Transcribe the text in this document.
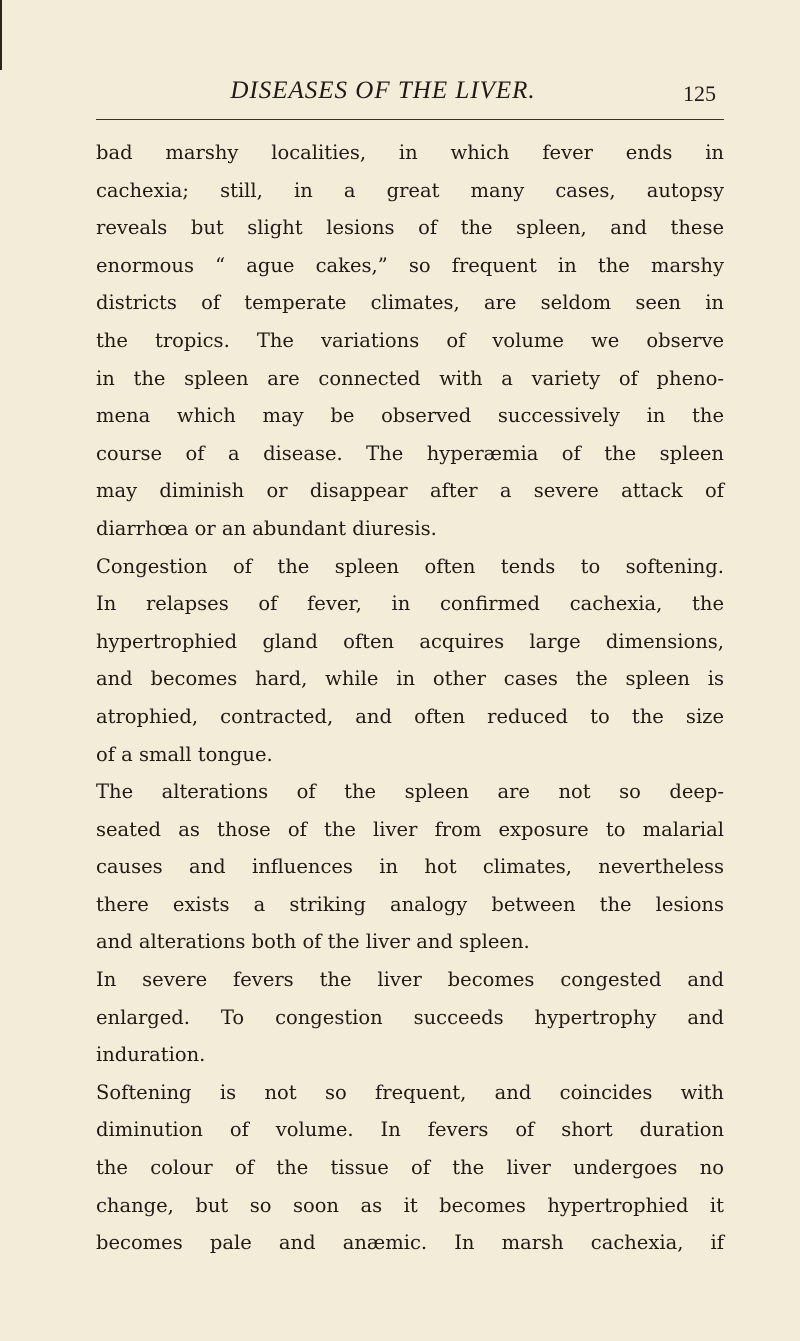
DISEASES OF THE LIVER.	125
bad marshy localities, in which fever ends in
cachexia; still, in a great many cases, autopsy
reveals but slight lesions of the spleen, and these
enormous “ ague cakes,” so frequent in the marshy
districts of temperate climates, are seldom seen in
the tropics. The variations of volume we observe
in the spleen are connected with a variety of pheno-
mena which may be observed successively in the
course of a disease. The hyperæmia of the spleen
may diminish or disappear after a severe attack of
diarrhœa or an abundant diuresis.
Congestion of the spleen often tends to softening.
In relapses of fever, in confirmed cachexia, the
hypertrophied gland often acquires large dimensions,
and becomes hard, while in other cases the spleen is
atrophied, contracted, and often reduced to the size
of a small tongue.
The alterations of the spleen are not so deep-
seated as those of the liver from exposure to malarial
causes and influences in hot climates, nevertheless
there exists a striking analogy between the lesions
and alterations both of the liver and spleen.
In severe fevers the liver becomes congested and
enlarged. To congestion succeeds hypertrophy and
induration.
Softening is not so frequent, and coincides with
diminution of volume. In fevers of short duration
the colour of the tissue of the liver undergoes no
change, but so soon as it becomes hypertrophied it
becomes pale and anæmic. In marsh cachexia, if
